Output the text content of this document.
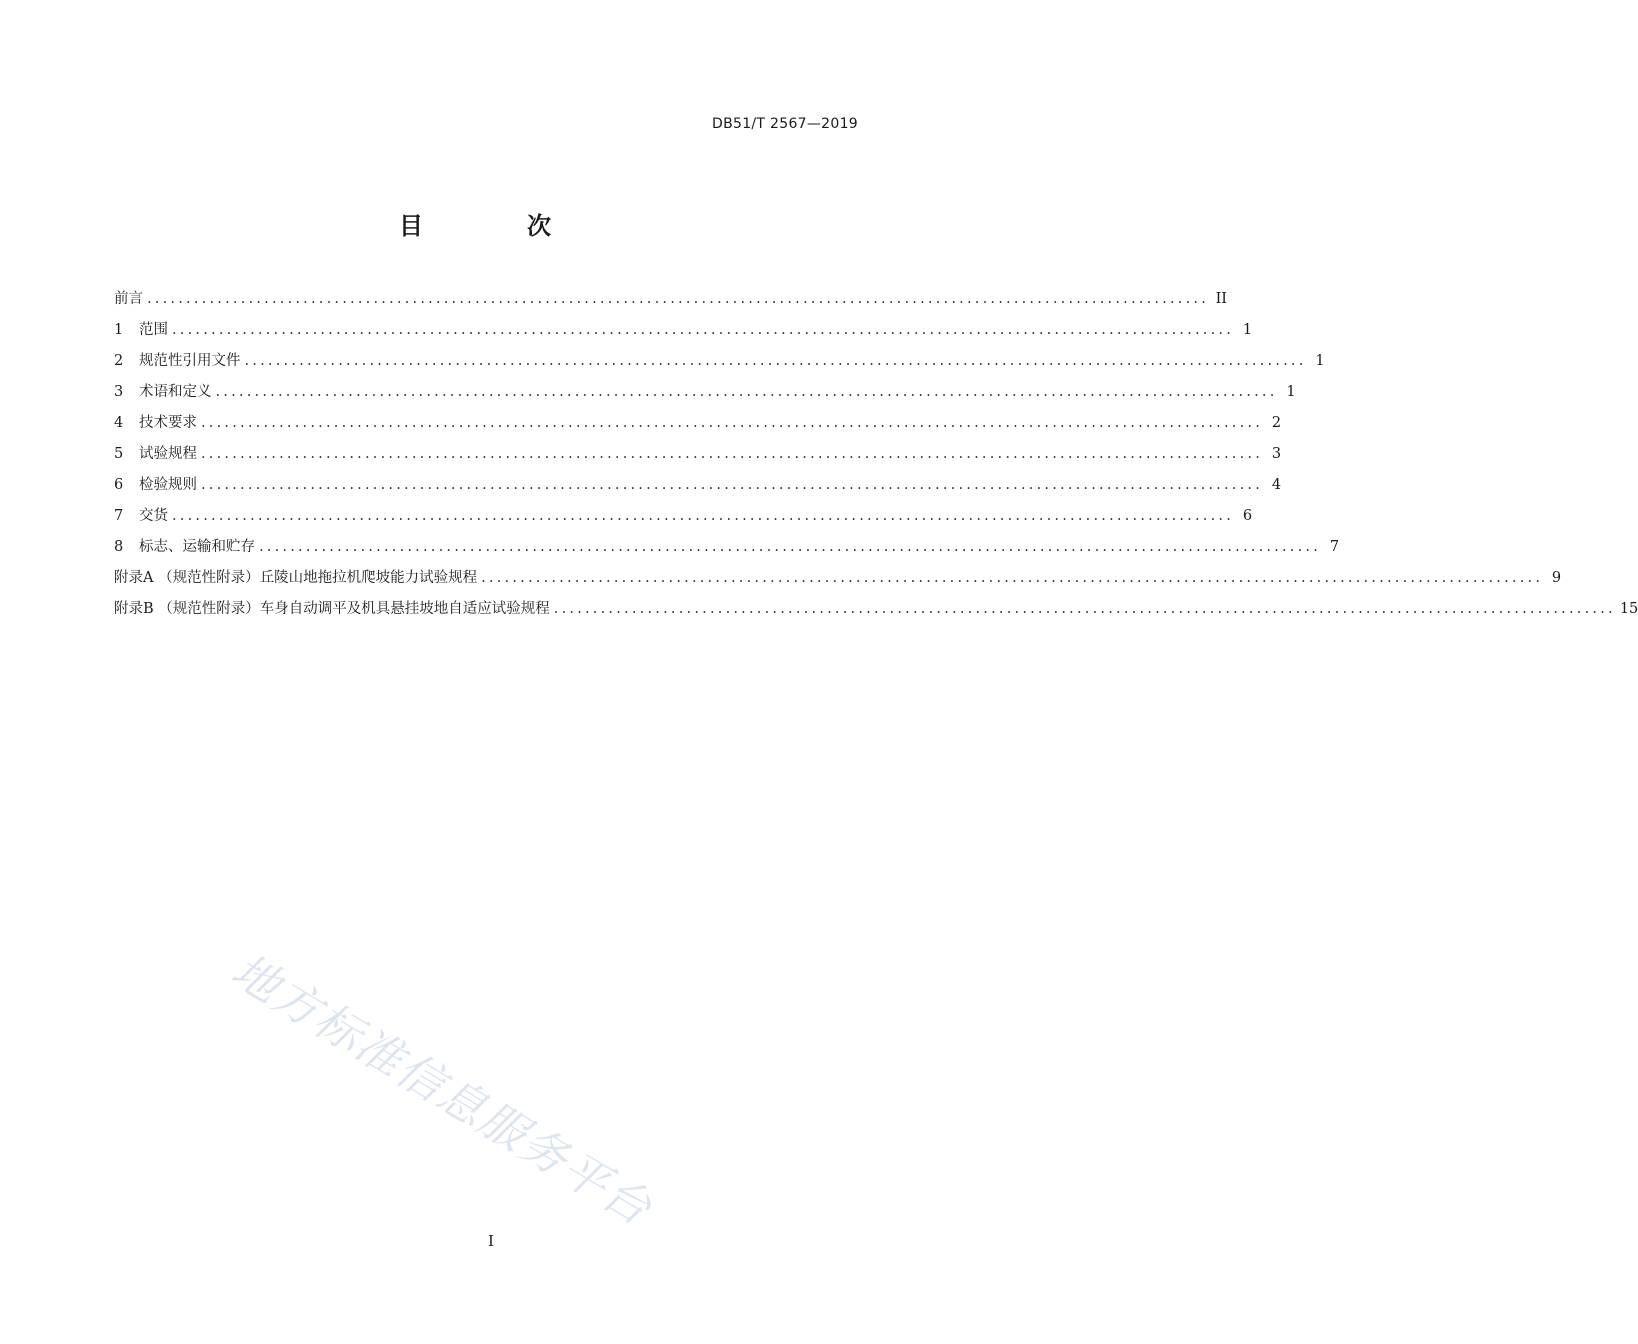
DB51/T 2567—2019
目　次
前言 ........................................................................................................................................ II
1	范围 ........................................................................................................................................ 1
2	规范性引用文件 ........................................................................................................................................ 1
3	术语和定义 ........................................................................................................................................ 1
4	技术要求 ........................................................................................................................................ 2
5	试验规程 ........................................................................................................................................ 3
6	检验规则 ........................................................................................................................................ 4
7	交货 ........................................................................................................................................ 6
8	标志、运输和贮存 ........................................................................................................................................ 7
附录A （规范性附录）丘陵山地拖拉机爬坡能力试验规程 ........................................................................................................................................ 9
附录B （规范性附录）车身自动调平及机具悬挂坡地自适应试验规程 ........................................................................................................................................ 15
地方标准信息服务平台
I
